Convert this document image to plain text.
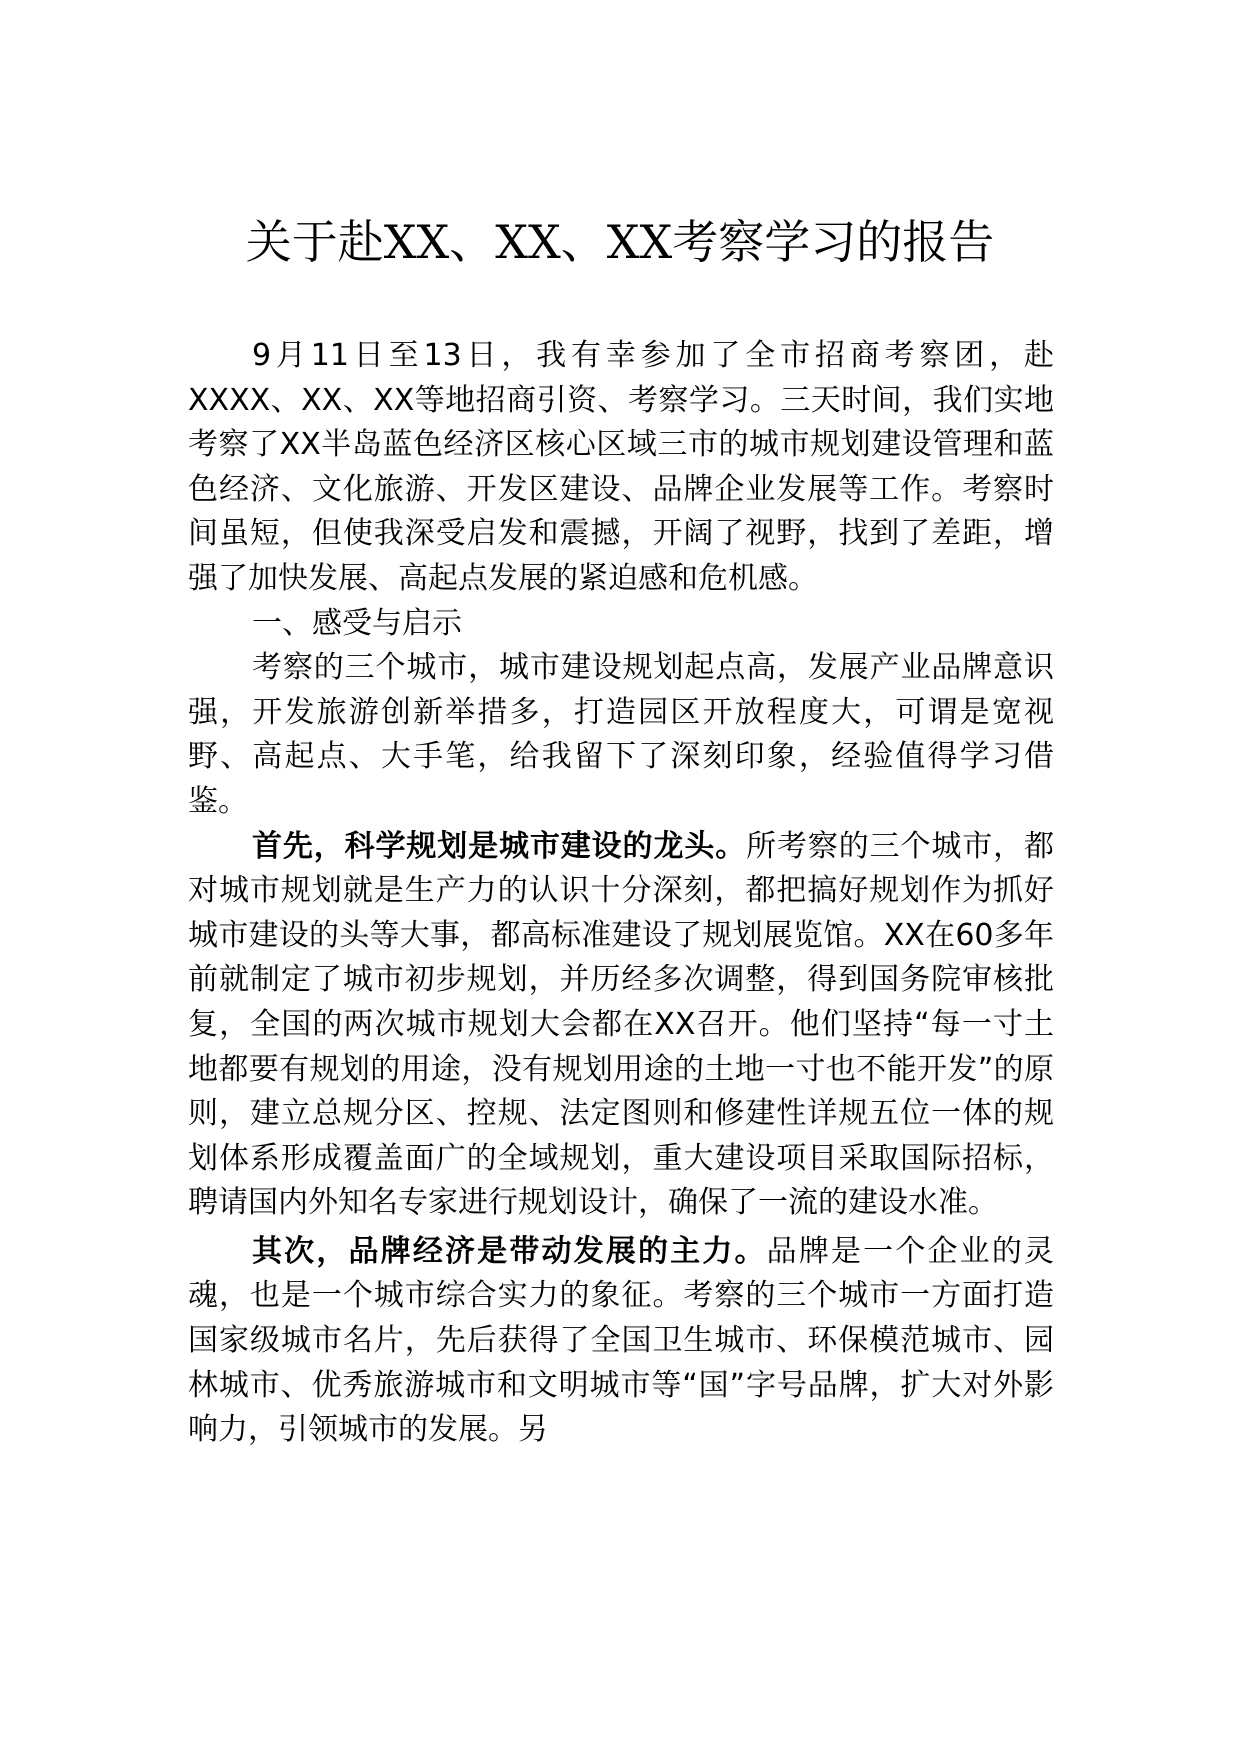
关于赴XX、XX、XX考察学习的报告

9月11日至13日，我有幸参加了全市招商考察团，赴XXXX、XX、XX等地招商引资、考察学习。三天时间，我们实地考察了XX半岛蓝色经济区核心区域三市的城市规划建设管理和蓝色经济、文化旅游、开发区建设、品牌企业发展等工作。考察时间虽短，但使我深受启发和震撼，开阔了视野，找到了差距，增强了加快发展、高起点发展的紧迫感和危机感。

一、感受与启示

考察的三个城市，城市建设规划起点高，发展产业品牌意识强，开发旅游创新举措多，打造园区开放程度大，可谓是宽视野、高起点、大手笔，给我留下了深刻印象，经验值得学习借鉴。

首先，科学规划是城市建设的龙头。所考察的三个城市，都对城市规划就是生产力的认识十分深刻，都把搞好规划作为抓好城市建设的头等大事，都高标准建设了规划展览馆。XX在60多年前就制定了城市初步规划，并历经多次调整，得到国务院审核批复，全国的两次城市规划大会都在XX召开。他们坚持“每一寸土地都要有规划的用途，没有规划用途的土地一寸也不能开发”的原则，建立总规分区、控规、法定图则和修建性详规五位一体的规划体系形成覆盖面广的全域规划，重大建设项目采取国际招标，聘请国内外知名专家进行规划设计，确保了一流的建设水准。

其次，品牌经济是带动发展的主力。品牌是一个企业的灵魂，也是一个城市综合实力的象征。考察的三个城市一方面打造国家级城市名片，先后获得了全国卫生城市、环保模范城市、园林城市、优秀旅游城市和文明城市等“国”字号品牌，扩大对外影响力，引领城市的发展。另
